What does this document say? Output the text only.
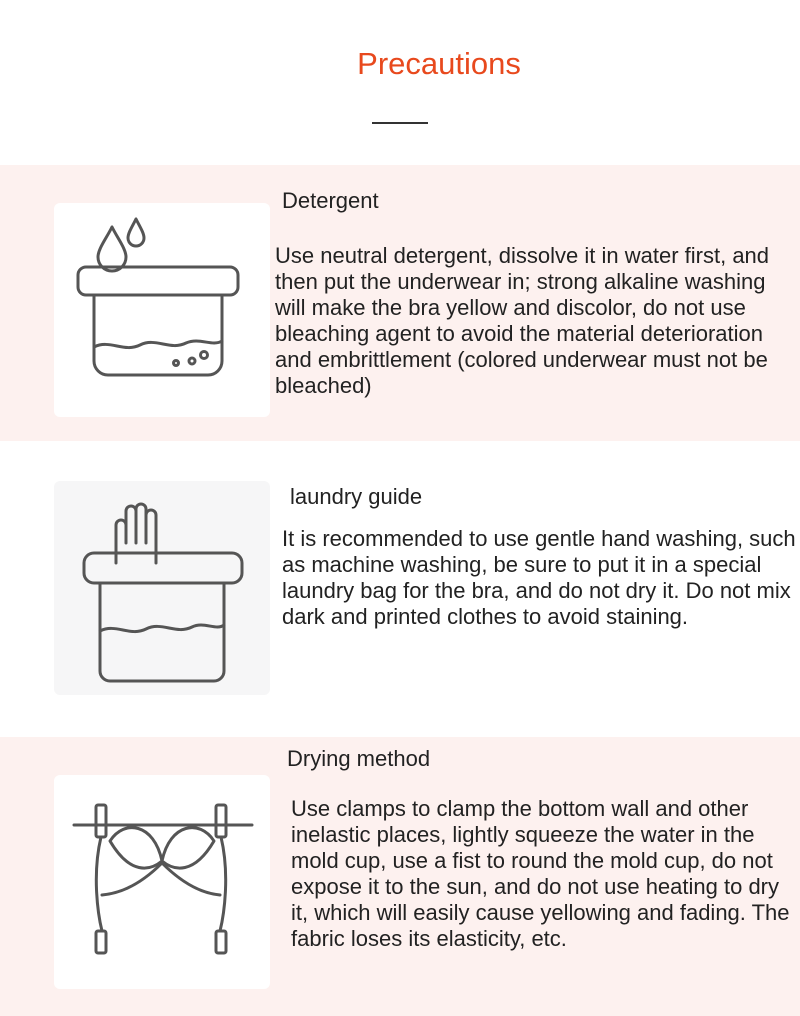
Precautions
Detergent

Use neutral detergent, dissolve it in water first, and then put the underwear in; strong alkaline washing will make the bra yellow and discolor, do not use bleaching agent to avoid the material deterioration and embrittlement (colored underwear must not be bleached)

laundry guide

It is recommended to use gentle hand washing, such as machine washing, be sure to put it in a special laundry bag for the bra, and do not dry it. Do not mix dark and printed clothes to avoid staining.

Drying method

Use clamps to clamp the bottom wall and other inelastic places, lightly squeeze the water in the mold cup, use a fist to round the mold cup, do not expose it to the sun, and do not use heating to dry it, which will easily cause yellowing and fading. The fabric loses its elasticity, etc.
